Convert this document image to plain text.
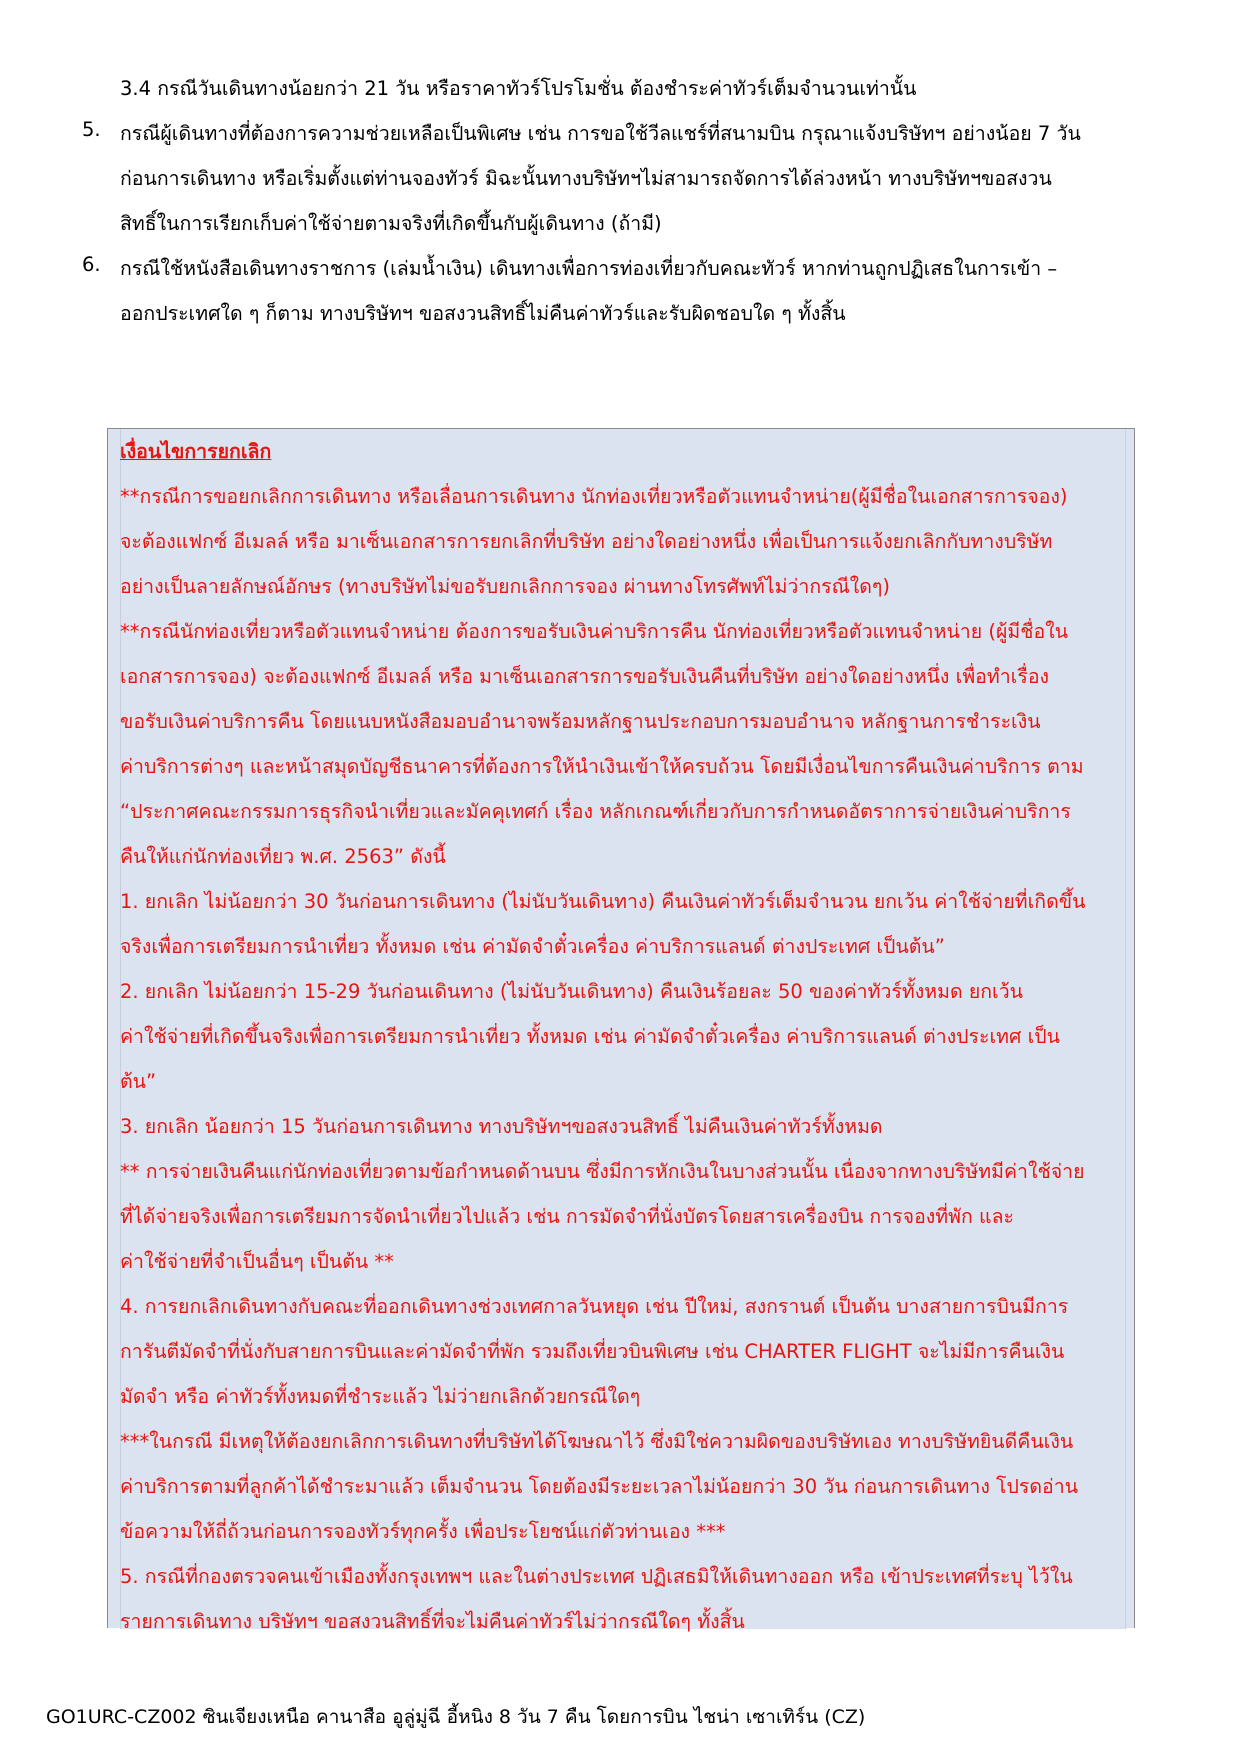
3.4 กรณีวันเดินทางน้อยกว่า 21 วัน หรือราคาทัวร์โปรโมชั่น ต้องชำระค่าทัวร์เต็มจำนวนเท่านั้น
5. กรณีผู้เดินทางที่ต้องการความช่วยเหลือเป็นพิเศษ เช่น การขอใช้วีลแชร์ที่สนามบิน กรุณาแจ้งบริษัทฯ อย่างน้อย 7 วัน
ก่อนการเดินทาง หรือเริ่มตั้งแต่ท่านจองทัวร์ มิฉะนั้นทางบริษัทฯไม่สามารถจัดการได้ล่วงหน้า ทางบริษัทฯขอสงวน
สิทธิ์ในการเรียกเก็บค่าใช้จ่ายตามจริงที่เกิดขึ้นกับผู้เดินทาง (ถ้ามี)
6. กรณีใช้หนังสือเดินทางราชการ (เล่มน้ำเงิน) เดินทางเพื่อการท่องเที่ยวกับคณะทัวร์ หากท่านถูกปฏิเสธในการเข้า –
ออกประเทศใด ๆ ก็ตาม ทางบริษัทฯ ขอสงวนสิทธิ์ไม่คืนค่าทัวร์และรับผิดชอบใด ๆ ทั้งสิ้น
เงื่อนไขการยกเลิก
**กรณีการขอยกเลิกการเดินทาง หรือเลื่อนการเดินทาง นักท่องเที่ยวหรือตัวแทนจำหน่าย(ผู้มีชื่อในเอกสารการจอง)
จะต้องแฟกซ์ อีเมลล์ หรือ มาเซ็นเอกสารการยกเลิกที่บริษัท อย่างใดอย่างหนึ่ง เพื่อเป็นการแจ้งยกเลิกกับทางบริษัท
อย่างเป็นลายลักษณ์อักษร (ทางบริษัทไม่ขอรับยกเลิกการจอง ผ่านทางโทรศัพท์ไม่ว่ากรณีใดๆ)
**กรณีนักท่องเที่ยวหรือตัวแทนจำหน่าย ต้องการขอรับเงินค่าบริการคืน นักท่องเที่ยวหรือตัวแทนจำหน่าย (ผู้มีชื่อใน
เอกสารการจอง) จะต้องแฟกซ์ อีเมลล์ หรือ มาเซ็นเอกสารการขอรับเงินคืนที่บริษัท อย่างใดอย่างหนึ่ง เพื่อทำเรื่อง
ขอรับเงินค่าบริการคืน โดยแนบหนังสือมอบอำนาจพร้อมหลักฐานประกอบการมอบอำนาจ หลักฐานการชำระเงิน
ค่าบริการต่างๆ และหน้าสมุดบัญชีธนาคารที่ต้องการให้นำเงินเข้าให้ครบถ้วน โดยมีเงื่อนไขการคืนเงินค่าบริการ ตาม
“ประกาศคณะกรรมการธุรกิจนำเที่ยวและมัคคุเทศก์ เรื่อง หลักเกณฑ์เกี่ยวกับการกำหนดอัตราการจ่ายเงินค่าบริการ
คืนให้แก่นักท่องเที่ยว พ.ศ. 2563” ดังนี้
1. ยกเลิก ไม่น้อยกว่า 30 วันก่อนการเดินทาง (ไม่นับวันเดินทาง) คืนเงินค่าทัวร์เต็มจำนวน ยกเว้น ค่าใช้จ่ายที่เกิดขึ้น
จริงเพื่อการเตรียมการนำเที่ยว ทั้งหมด เช่น ค่ามัดจำตั๋วเครื่อง ค่าบริการแลนด์ ต่างประเทศ เป็นต้น”
2. ยกเลิก ไม่น้อยกว่า 15-29 วันก่อนเดินทาง (ไม่นับวันเดินทาง) คืนเงินร้อยละ 50 ของค่าทัวร์ทั้งหมด ยกเว้น
ค่าใช้จ่ายที่เกิดขึ้นจริงเพื่อการเตรียมการนำเที่ยว ทั้งหมด เช่น ค่ามัดจำตั๋วเครื่อง ค่าบริการแลนด์ ต่างประเทศ เป็น
ต้น”
3. ยกเลิก น้อยกว่า 15 วันก่อนการเดินทาง ทางบริษัทฯขอสงวนสิทธิ์ ไม่คืนเงินค่าทัวร์ทั้งหมด
** การจ่ายเงินคืนแก่นักท่องเที่ยวตามข้อกำหนดด้านบน ซึ่งมีการหักเงินในบางส่วนนั้น เนื่องจากทางบริษัทมีค่าใช้จ่าย
ที่ได้จ่ายจริงเพื่อการเตรียมการจัดนำเที่ยวไปแล้ว เช่น การมัดจำที่นั่งบัตรโดยสารเครื่องบิน การจองที่พัก และ
ค่าใช้จ่ายที่จำเป็นอื่นๆ เป็นต้น **
4. การยกเลิกเดินทางกับคณะที่ออกเดินทางช่วงเทศกาลวันหยุด เช่น ปีใหม่, สงกรานต์ เป็นต้น บางสายการบินมีการ
การันตีมัดจำที่นั่งกับสายการบินและค่ามัดจำที่พัก รวมถึงเที่ยวบินพิเศษ เช่น CHARTER FLIGHT จะไม่มีการคืนเงิน
มัดจำ หรือ ค่าทัวร์ทั้งหมดที่ชำระแล้ว ไม่ว่ายกเลิกด้วยกรณีใดๆ
***ในกรณี มีเหตุให้ต้องยกเลิกการเดินทางที่บริษัทได้โฆษณาไว้ ซึ่งมิใช่ความผิดของบริษัทเอง ทางบริษัทยินดีคืนเงิน
ค่าบริการตามที่ลูกค้าได้ชำระมาแล้ว เต็มจำนวน โดยต้องมีระยะเวลาไม่น้อยกว่า 30 วัน ก่อนการเดินทาง โปรดอ่าน
ข้อความให้ถี่ถ้วนก่อนการจองทัวร์ทุกครั้ง เพื่อประโยชน์แก่ตัวท่านเอง ***
5. กรณีที่กองตรวจคนเข้าเมืองทั้งกรุงเทพฯ และในต่างประเทศ ปฏิเสธมิให้เดินทางออก หรือ เข้าประเทศที่ระบุ ไว้ใน
รายการเดินทาง บริษัทฯ ขอสงวนสิทธิ์ที่จะไม่คืนค่าทัวร์ไม่ว่ากรณีใดๆ ทั้งสิ้น
GO1URC-CZ002 ซินเจียงเหนือ คานาสือ อูลู่มู่ฉี อี้หนิง 8 วัน 7 คืน โดยการบิน ไชน่า เซาเทิร์น (CZ)
